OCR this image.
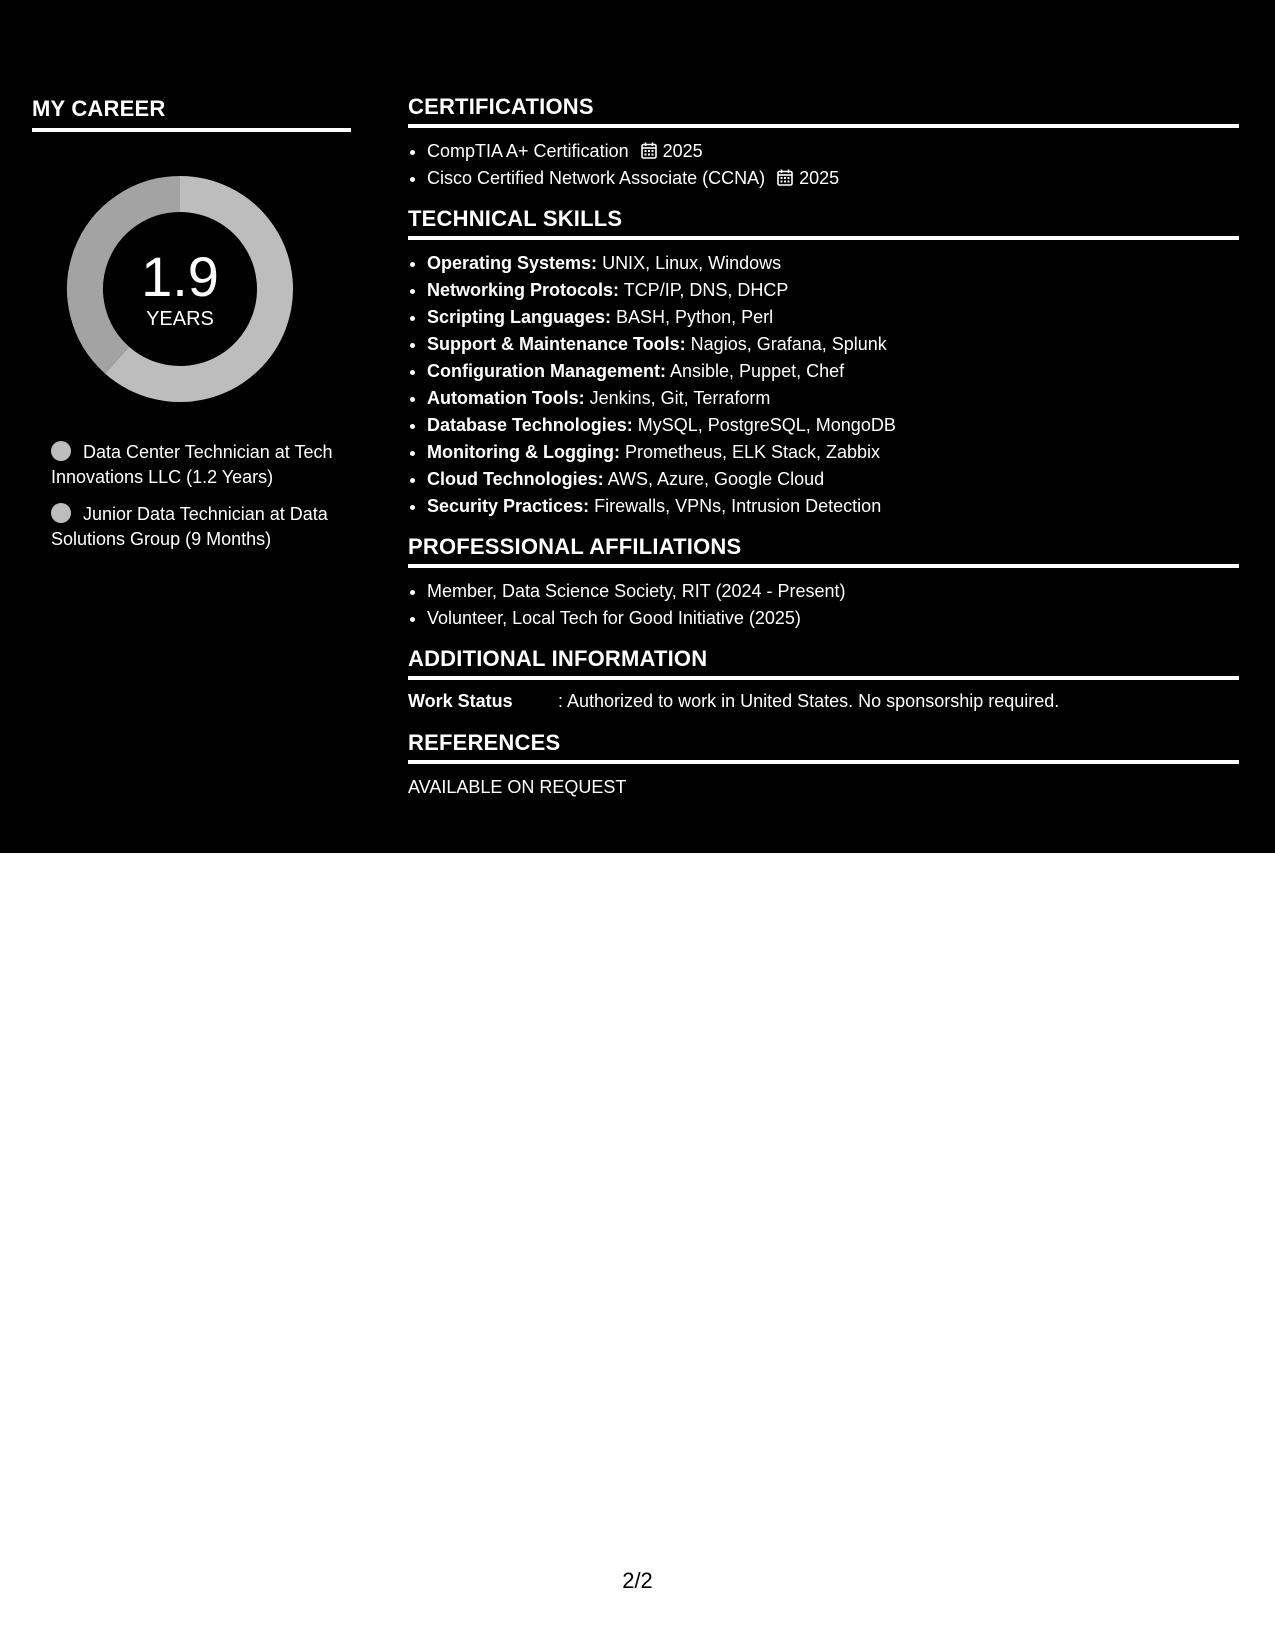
MY CAREER
1.9
YEARS
Data Center Technician at Tech Innovations LLC (1.2 Years)
Junior Data Technician at Data Solutions Group (9 Months)
CERTIFICATIONS
• CompTIA A+ Certification 2025
• Cisco Certified Network Associate (CCNA) 2025
TECHNICAL SKILLS
• Operating Systems: UNIX, Linux, Windows
• Networking Protocols: TCP/IP, DNS, DHCP
• Scripting Languages: BASH, Python, Perl
• Support & Maintenance Tools: Nagios, Grafana, Splunk
• Configuration Management: Ansible, Puppet, Chef
• Automation Tools: Jenkins, Git, Terraform
• Database Technologies: MySQL, PostgreSQL, MongoDB
• Monitoring & Logging: Prometheus, ELK Stack, Zabbix
• Cloud Technologies: AWS, Azure, Google Cloud
• Security Practices: Firewalls, VPNs, Intrusion Detection
PROFESSIONAL AFFILIATIONS
• Member, Data Science Society, RIT (2024 - Present)
• Volunteer, Local Tech for Good Initiative (2025)
ADDITIONAL INFORMATION
Work Status	: Authorized to work in United States. No sponsorship required.
REFERENCES
AVAILABLE ON REQUEST
2/2
